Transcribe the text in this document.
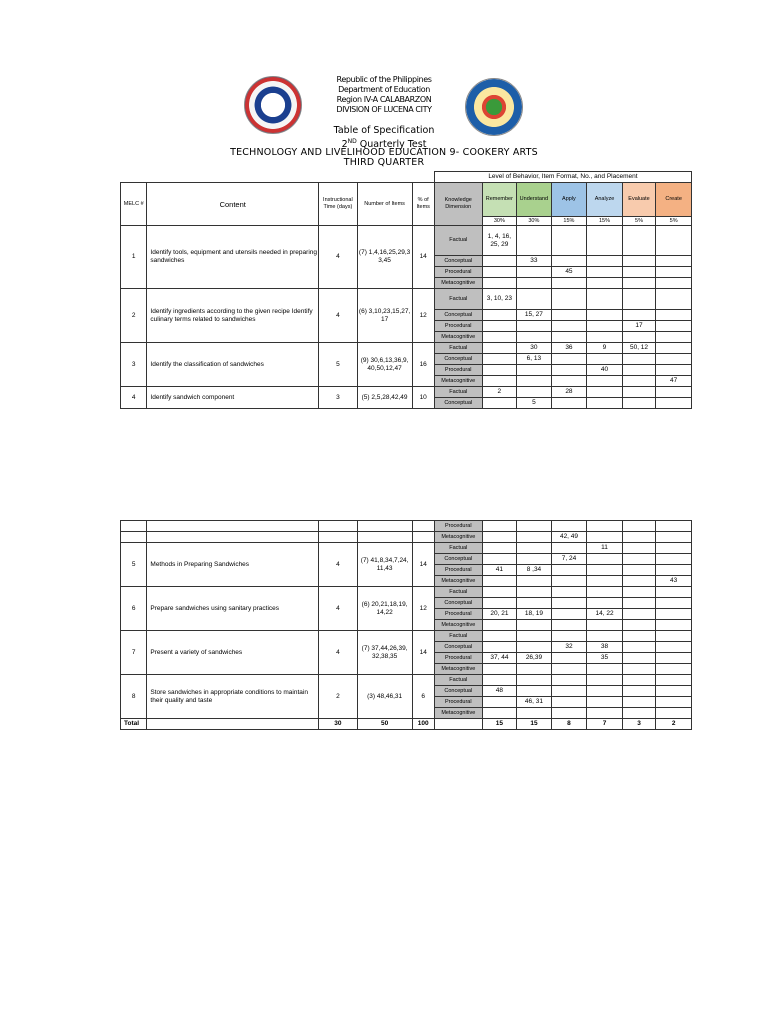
Republic of the Philippines
Department of Education
Region IV-A CALABARZON
DIVISION OF LUCENA CITY
Table of Specification
2ND Quarterly Test
TECHNOLOGY AND LIVELIHOOD EDUCATION 9- COOKERY ARTS
THIRD QUARTER
					Level of Behavior, Item Format, No., and Placement						
MELC #	Content	Instructional Time (days)	Number of Items	% of Items	Knowledge Dimension	Remember	Understand	Apply	Analyze	Evaluate	Create
						30%	30%	15%	15%	5%	5%
1	Identify tools, equipment and utensils needed in preparing sandwiches	4	(7) 1,4,16,25,29,3 3,45	14	Factual	1, 4, 16, 25, 29					
					Conceptual		33				
					Procedural			45			
					Metacognitive						
2	Identify ingredients according to the given recipe Identify culinary terms related to sandwiches	4	(6) 3,10,23,15,27, 17	12	Factual	3, 10, 23					
					Conceptual		15, 27				
					Procedural					17	
					Metacognitive						
3	Identify the classification of sandwiches	5	(9) 30,6,13,36,9, 40,50,12,47	16	Factual		30	36	9	50, 12	
					Conceptual		6, 13				
					Procedural				40		
					Metacognitive						47
4	Identify sandwich component	3	(5) 2,5,28,42,49	10	Factual	2		28			
					Conceptual		5				
					Procedural						
					Metacognitive			42, 49			
5	Methods in Preparing Sandwiches	4	(7) 41,8,34,7,24, 11,43	14	Factual				11		
					Conceptual			7, 24			
					Procedural	41	8 ,34				
					Metacognitive						43
6	Prepare sandwiches using sanitary practices	4	(6) 20,21,18,19, 14,22	12	Factual						
					Conceptual						
					Procedural	20, 21	18, 19		14, 22		
					Metacognitive						
7	Present a variety of sandwiches	4	(7) 37,44,26,39, 32,38,35	14	Factual						
					Conceptual			32	38		
					Procedural	37, 44	26,39		35		
					Metacognitive						
8	Store sandwiches in appropriate conditions to maintain their quality and taste	2	(3) 48,46,31	6	Factual						
					Conceptual	48					
					Procedural		46, 31				
					Metacognitive						
Total		30	50	100		15	15	8	7	3	2
